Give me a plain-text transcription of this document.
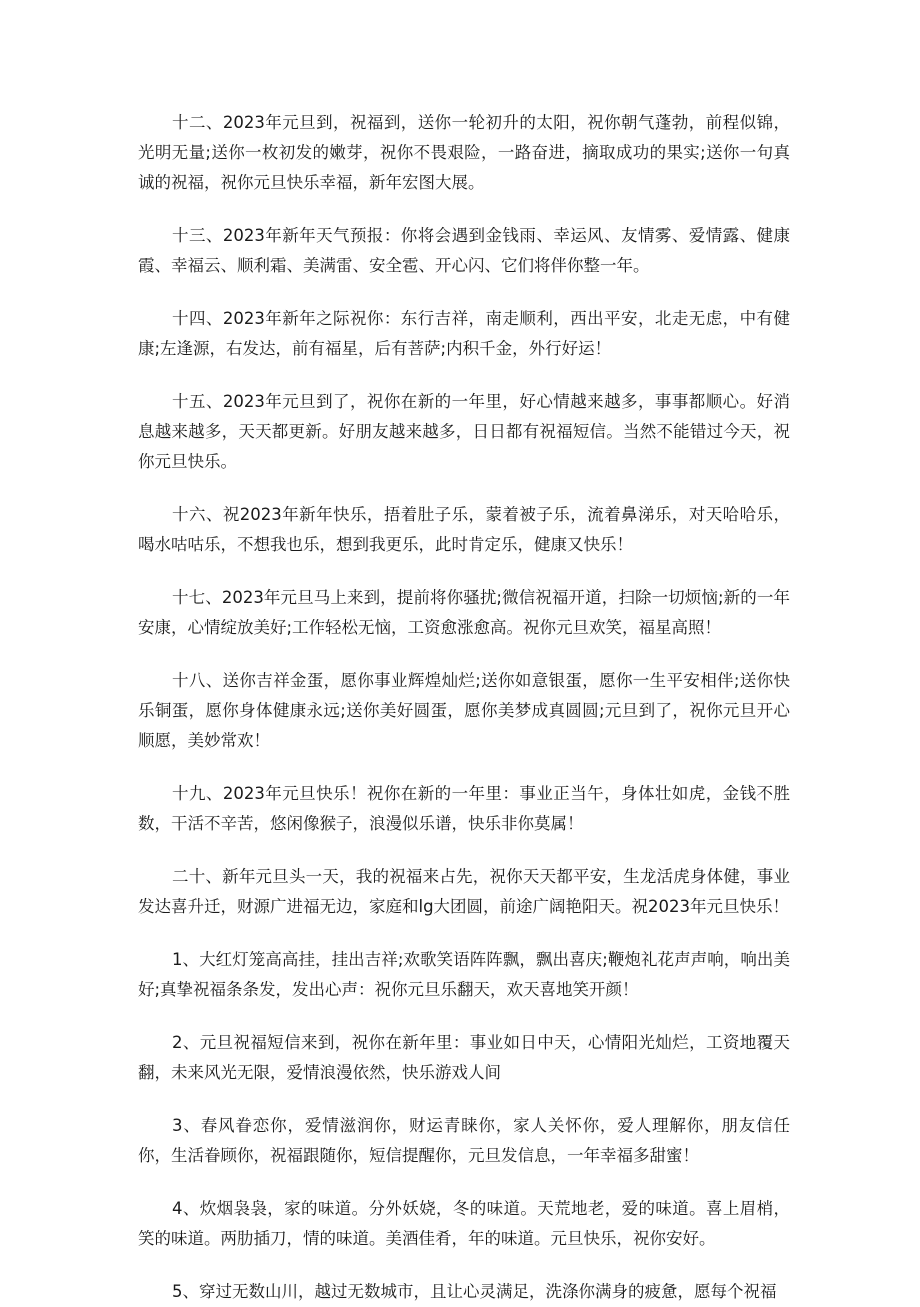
十二、2023年元旦到，祝福到，送你一轮初升的太阳，祝你朝气蓬勃，前程似锦，光明无量;送你一枚初发的嫩芽，祝你不畏艰险，一路奋进，摘取成功的果实;送你一句真诚的祝福，祝你元旦快乐幸福，新年宏图大展。

十三、2023年新年天气预报：你将会遇到金钱雨、幸运风、友情雾、爱情露、健康霞、幸福云、顺利霜、美满雷、安全雹、开心闪、它们将伴你整一年。

十四、2023年新年之际祝你：东行吉祥，南走顺利，西出平安，北走无虑，中有健康;左逢源，右发达，前有福星，后有菩萨;内积千金，外行好运！

十五、2023年元旦到了，祝你在新的一年里，好心情越来越多，事事都顺心。好消息越来越多，天天都更新。好朋友越来越多，日日都有祝福短信。当然不能错过今天，祝你元旦快乐。

十六、祝2023年新年快乐，捂着肚子乐，蒙着被子乐，流着鼻涕乐，对天哈哈乐，喝水咕咕乐，不想我也乐，想到我更乐，此时肯定乐，健康又快乐！

十七、2023年元旦马上来到，提前将你骚扰;微信祝福开道，扫除一切烦恼;新的一年安康，心情绽放美好;工作轻松无恼，工资愈涨愈高。祝你元旦欢笑，福星高照！

十八、送你吉祥金蛋，愿你事业辉煌灿烂;送你如意银蛋，愿你一生平安相伴;送你快乐铜蛋，愿你身体健康永远;送你美好圆蛋，愿你美梦成真圆圆;元旦到了，祝你元旦开心顺愿，美妙常欢！

十九、2023年元旦快乐！祝你在新的一年里：事业正当午，身体壮如虎，金钱不胜数，干活不辛苦，悠闲像猴子，浪漫似乐谱，快乐非你莫属！

二十、新年元旦头一天，我的祝福来占先，祝你天天都平安，生龙活虎身体健，事业发达喜升迁，财源广进福无边，家庭和lg大团圆，前途广阔艳阳天。祝2023年元旦快乐！

1、大红灯笼高高挂，挂出吉祥;欢歌笑语阵阵飘，飘出喜庆;鞭炮礼花声声响，响出美好;真挚祝福条条发，发出心声：祝你元旦乐翻天，欢天喜地笑开颜！

2、元旦祝福短信来到，祝你在新年里：事业如日中天，心情阳光灿烂，工资地覆天翻，未来风光无限，爱情浪漫依然，快乐游戏人间

3、春风眷恋你，爱情滋润你，财运青睐你，家人关怀你，爱人理解你，朋友信任你，生活眷顾你，祝福跟随你，短信提醒你，元旦发信息，一年幸福多甜蜜！

4、炊烟袅袅，家的味道。分外妖娆，冬的味道。天荒地老，爱的味道。喜上眉梢，笑的味道。两肋插刀，情的味道。美酒佳肴，年的味道。元旦快乐，祝你安好。

5、穿过无数山川，越过无数城市，且让心灵满足，洗涤你满身的疲惫，愿每个祝福
